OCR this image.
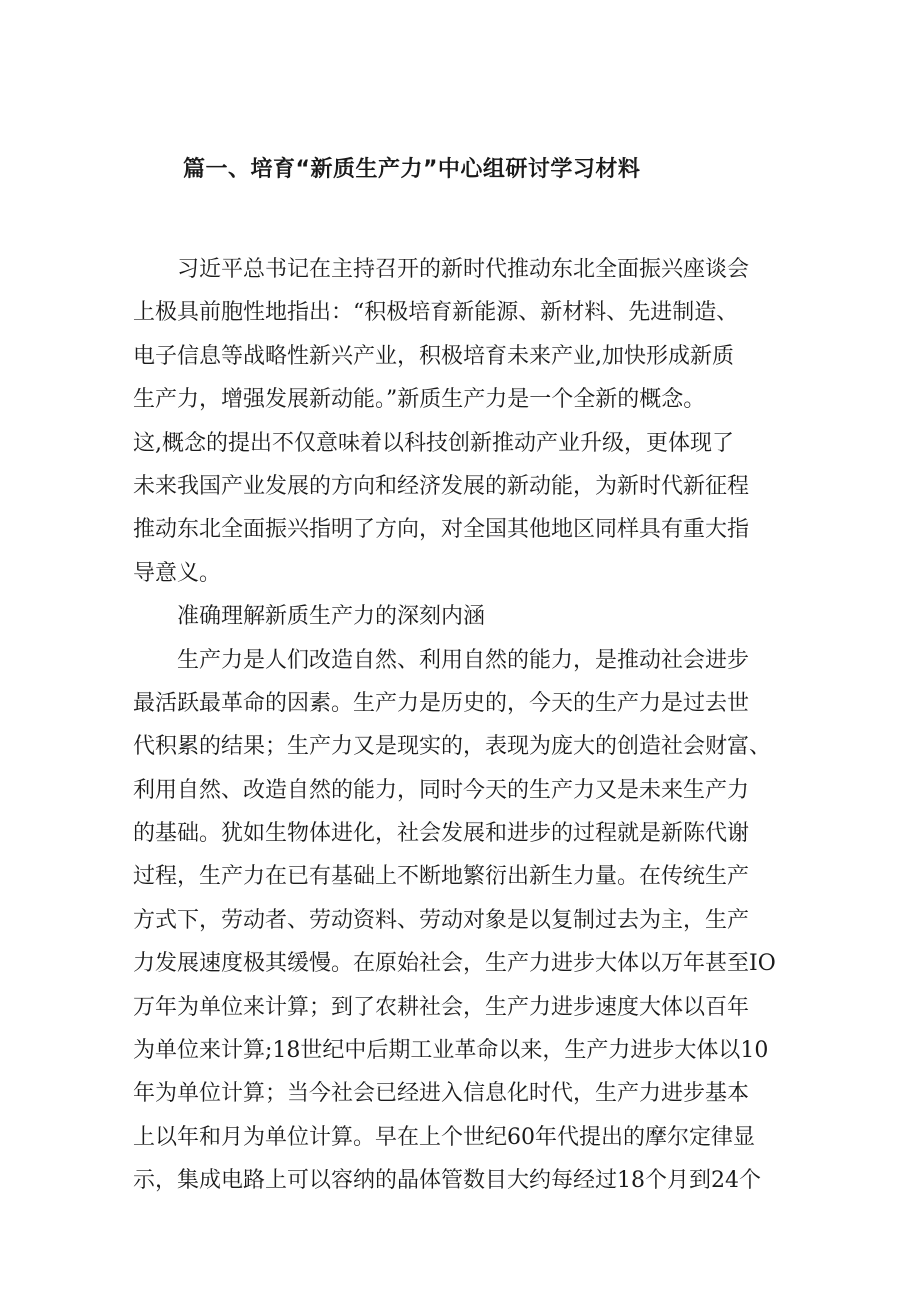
篇一、培育“新质生产力”中心组研讨学习材料
习近平总书记在主持召开的新时代推动东北全面振兴座谈会
上极具前胞性地指出：“积极培育新能源、新材料、先进制造、
电子信息等战略性新兴产业，积极培育未来产业,加快形成新质
生产力，增强发展新动能。”新质生产力是一个全新的概念。
这,概念的提出不仅意味着以科技创新推动产业升级，更体现了
未来我国产业发展的方向和经济发展的新动能，为新时代新征程
推动东北全面振兴指明了方向，对全国其他地区同样具有重大指
导意义。
准确理解新质生产力的深刻内涵
生产力是人们改造自然、利用自然的能力，是推动社会进步
最活跃最革命的因素。生产力是历史的，今天的生产力是过去世
代积累的结果；生产力又是现实的，表现为庞大的创造社会财富、
利用自然、改造自然的能力，同时今天的生产力又是未来生产力
的基础。犹如生物体进化，社会发展和进步的过程就是新陈代谢
过程，生产力在已有基础上不断地繁衍出新生力量。在传统生产
方式下，劳动者、劳动资料、劳动对象是以复制过去为主，生产
力发展速度极其缓慢。在原始社会，生产力进步大体以万年甚至IO
万年为单位来计算；到了农耕社会，生产力进步速度大体以百年
为单位来计算;18世纪中后期工业革命以来，生产力进步大体以10
年为单位计算；当今社会已经进入信息化时代，生产力进步基本
上以年和月为单位计算。早在上个世纪60年代提出的摩尔定律显
示，集成电路上可以容纳的晶体管数目大约每经过18个月到24个
